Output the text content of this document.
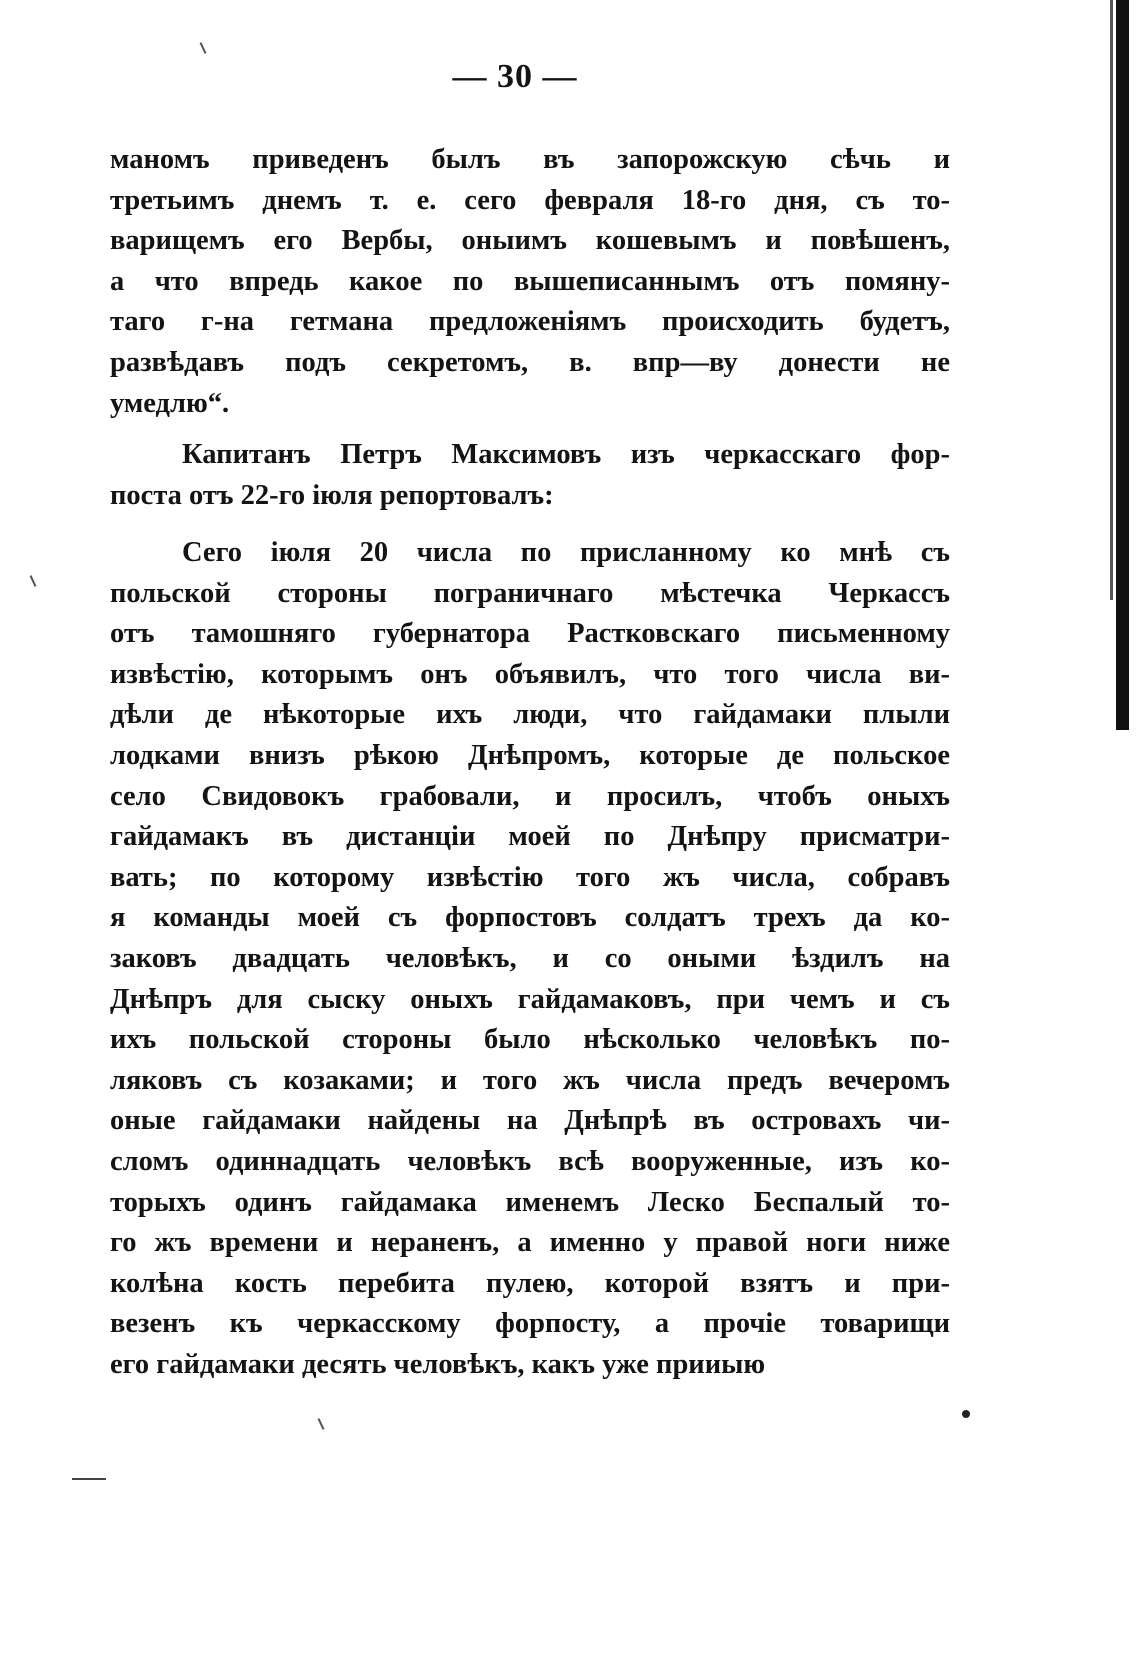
— 30 —
маномъ приведенъ былъ въ запорожскую сѣчь и
третьимъ днемъ т. е. сего февраля 18-го дня, съ то-
варищемъ его Вербы, оныимъ кошевымъ и повѣшенъ,
а что впредь какое по вышеписаннымъ отъ помяну-
таго г-на гетмана предложеніямъ происходить будетъ,
развѣдавъ подъ секретомъ, в. впр—ву донести не
умедлю“.
Капитанъ Петръ Максимовъ изъ черкасскаго фор-
поста отъ 22-го іюля репортовалъ:
Сего іюля 20 числа по присланному ко мнѣ съ
польской стороны пограничнаго мѣстечка Черкассъ
отъ тамошняго губернатора Растковскаго письменному
извѣстію, которымъ онъ объявилъ, что того числа ви-
дѣли де нѣкоторые ихъ люди, что гайдамаки плыли
лодками внизъ рѣкою Днѣпромъ, которые де польское
село Свидовокъ грабовали, и просилъ, чтобъ оныхъ
гайдамакъ въ дистанціи моей по Днѣпру присматри-
вать; по которому извѣстію того жъ числа, собравъ
я команды моей съ форпостовъ солдатъ трехъ да ко-
заковъ двадцать человѣкъ, и со оными ѣздилъ на
Днѣпръ для сыску оныхъ гайдамаковъ, при чемъ и съ
ихъ польской стороны было нѣсколько человѣкъ по-
ляковъ съ козаками; и того жъ числа предъ вечеромъ
оные гайдамаки найдены на Днѣпрѣ въ островахъ чи-
сломъ одиннадцать человѣкъ всѣ вооруженные, изъ ко-
торыхъ одинъ гайдамака именемъ Леско Беспалый то-
го жъ времени и нераненъ, а именно у правой ноги ниже
колѣна кость перебита пулею, которой взятъ и при-
везенъ къ черкасскому форпосту, а прочіе товарищи
его гайдамаки десять человѣкъ, какъ уже прииыю
